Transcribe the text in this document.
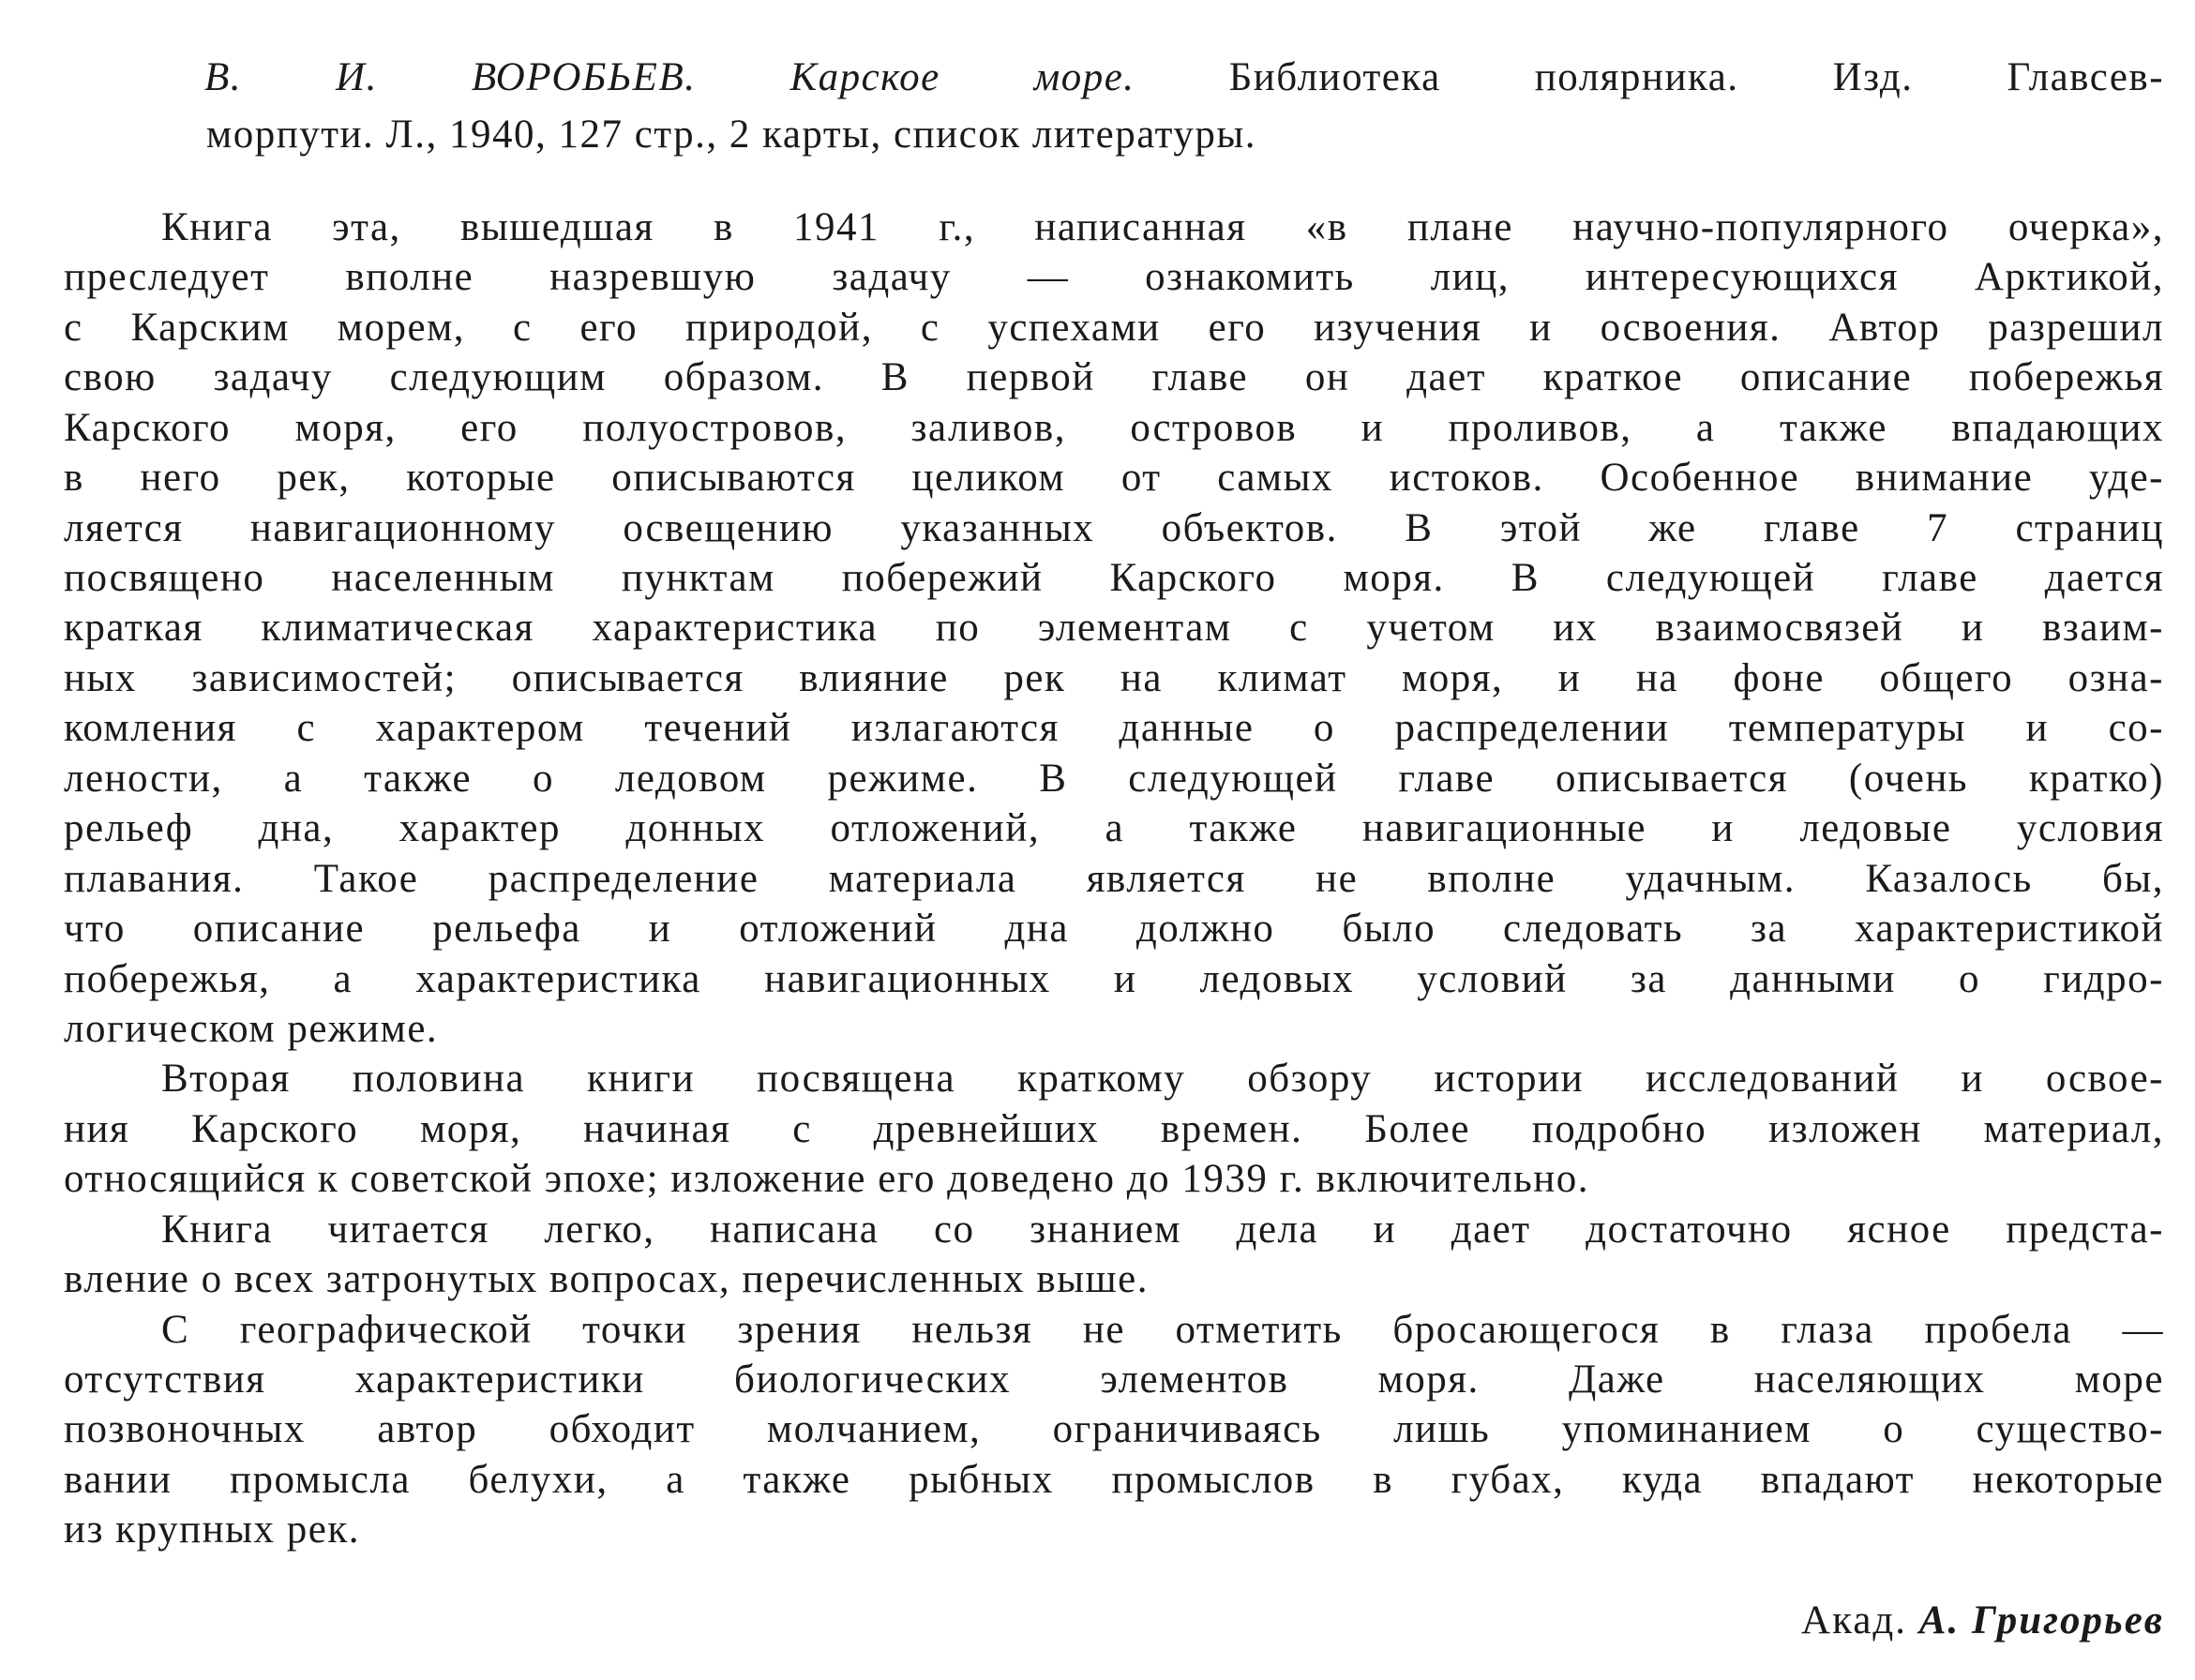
В. И. ВОРОБЬЕВ. Карское море. Библиотека полярника. Изд. Главсев-
морпути. Л., 1940, 127 стр., 2 карты, список литературы.
Книга эта, вышедшая в 1941 г., написанная «в плане научно-популярного очерка»,
преследует вполне назревшую задачу — ознакомить лиц, интересующихся Арктикой,
с Карским морем, с его природой, с успехами его изучения и освоения. Автор разрешил
свою задачу следующим образом. В первой главе он дает краткое описание побережья
Карского моря, его полуостровов, заливов, островов и проливов, а также впадающих
в него рек, которые описываются целиком от самых истоков. Особенное внимание уде-
ляется навигационному освещению указанных объектов. В этой же главе 7 страниц
посвящено населенным пунктам побережий Карского моря. В следующей главе дается
краткая климатическая характеристика по элементам с учетом их взаимосвязей и взаим-
ных зависимостей; описывается влияние рек на климат моря, и на фоне общего озна-
комления с характером течений излагаются данные о распределении температуры и со-
лености, а также о ледовом режиме. В следующей главе описывается (очень кратко)
рельеф дна, характер донных отложений, а также навигационные и ледовые условия
плавания. Такое распределение материала является не вполне удачным. Казалось бы,
что описание рельефа и отложений дна должно было следовать за характеристикой
побережья, а характеристика навигационных и ледовых условий за данными о гидро-
логическом режиме.
Вторая половина книги посвящена краткому обзору истории исследований и освое-
ния Карского моря, начиная с древнейших времен. Более подробно изложен материал,
относящийся к советской эпохе; изложение его доведено до 1939 г. включительно.
Книга читается легко, написана со знанием дела и дает достаточно ясное предста-
вление о всех затронутых вопросах, перечисленных выше.
С географической точки зрения нельзя не отметить бросающегося в глаза пробела —
отсутствия характеристики биологических элементов моря. Даже населяющих море
позвоночных автор обходит молчанием, ограничиваясь лишь упоминанием о существо-
вании промысла белухи, а также рыбных промыслов в губах, куда впадают некоторые
из крупных рек.
Акад. А. Григорьев
